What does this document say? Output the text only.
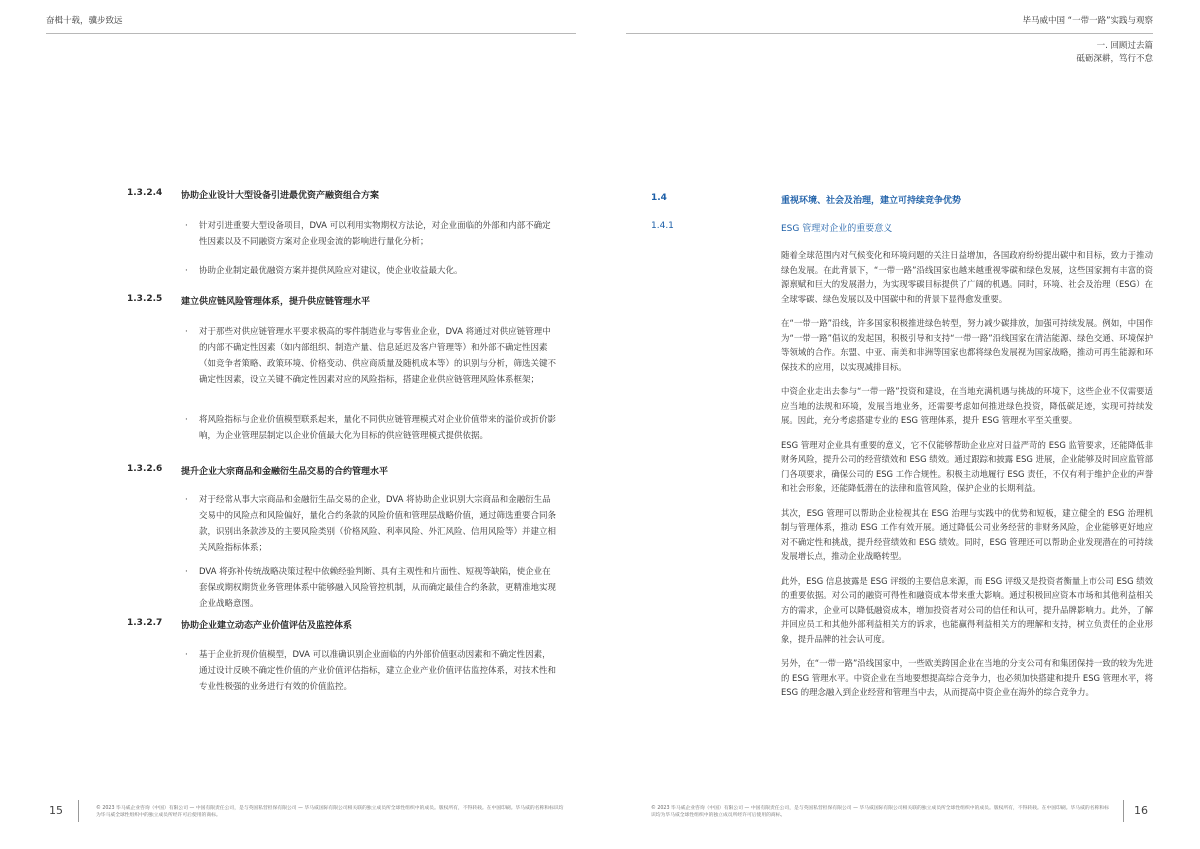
奋楫十载，骥步致远	毕马威中国 “一带一路”实践与观察
一. 回顾过去篇
砥砺深耕，笃行不怠
1.3.2.4 协助企业设计大型设备引进最优资产融资组合方案
· 针对引进重要大型设备项目，DVA 可以利用实物期权方法论，对企业面临的外部和内部不确定性因素以及不同融资方案对企业现金流的影响进行量化分析；
· 协助企业制定最优融资方案并提供风险应对建议，使企业收益最大化。
1.3.2.5 建立供应链风险管理体系，提升供应链管理水平
· 对于那些对供应链管理水平要求极高的零件制造业与零售业企业，DVA 将通过对供应链管理中的内部不确定性因素（如内部组织、制造产量、信息延迟及客户管理等）和外部不确定性因素（如竞争者策略、政策环境、价格变动、供应商质量及随机成本等）的识别与分析，筛选关键不确定性因素，设立关键不确定性因素对应的风险指标，搭建企业供应链管理风险体系框架；
· 将风险指标与企业价值模型联系起来，量化不同供应链管理模式对企业价值带来的溢价或折价影响，为企业管理层制定以企业价值最大化为目标的供应链管理模式提供依据。
1.3.2.6 提升企业大宗商品和金融衍生品交易的合约管理水平
· 对于经常从事大宗商品和金融衍生品交易的企业，DVA 将协助企业识别大宗商品和金融衍生品交易中的风险点和风险偏好，量化合约条款的风险价值和管理层战略价值，通过筛选重要合同条款，识别出条款涉及的主要风险类别（价格风险、利率风险、外汇风险、信用风险等）并建立相关风险指标体系；
· DVA 将弥补传统战略决策过程中依赖经验判断、具有主观性和片面性、短视等缺陷，使企业在套保或期权期货业务管理体系中能够融入风险管控机制，从而确定最佳合约条款，更精准地实现企业战略意图。
1.3.2.7 协助企业建立动态产业价值评估及监控体系
· 基于企业折现价值模型，DVA 可以准确识别企业面临的内外部价值驱动因素和不确定性因素，通过设计反映不确定性价值的产业价值评估指标，建立企业产业价值评估监控体系，对技术性和专业性极强的业务进行有效的价值监控。
1.4	重视环境、社会及治理，建立可持续竞争优势
1.4.1	ESG 管理对企业的重要意义

随着全球范围内对气候变化和环境问题的关注日益增加，各国政府纷纷提出碳中和目标，致力于推动绿色发展。在此背景下，“一带一路”沿线国家也越来越重视零碳和绿色发展，这些国家拥有丰富的资源禀赋和巨大的发展潜力，为实现零碳目标提供了广阔的机遇。同时，环境、社会及治理（ESG）在全球零碳、绿色发展以及中国碳中和的背景下显得愈发重要。

在“一带一路”沿线，许多国家积极推进绿色转型，努力减少碳排放，加强可持续发展。例如，中国作为“一带一路”倡议的发起国，积极引导和支持“一带一路”沿线国家在清洁能源、绿色交通、环境保护等领域的合作。东盟、中亚、南美和非洲等国家也都将绿色发展视为国家战略，推动可再生能源和环保技术的应用，以实现减排目标。

中资企业走出去参与“一带一路”投资和建设，在当地充满机遇与挑战的环境下，这些企业不仅需要适应当地的法规和环境，发展当地业务，还需要考虑如何推进绿色投资，降低碳足迹，实现可持续发展。因此，充分考虑搭建专业的 ESG 管理体系，提升 ESG 管理水平至关重要。

ESG 管理对企业具有重要的意义，它不仅能够帮助企业应对日益严苛的 ESG 监管要求，还能降低非财务风险，提升公司的经营绩效和 ESG 绩效。通过跟踪和披露 ESG 进展，企业能够及时回应监管部门各项要求，确保公司的 ESG 工作合规性。积极主动地履行 ESG 责任，不仅有利于维护企业的声誉和社会形象，还能降低潜在的法律和监管风险，保护企业的长期利益。

其次，ESG 管理可以帮助企业检视其在 ESG 治理与实践中的优势和短板，建立健全的 ESG 治理机制与管理体系，推动 ESG 工作有效开展。通过降低公司业务经营的非财务风险，企业能够更好地应对不确定性和挑战，提升经营绩效和 ESG 绩效。同时，ESG 管理还可以帮助企业发现潜在的可持续发展增长点，推动企业战略转型。

此外，ESG 信息披露是 ESG 评级的主要信息来源，而 ESG 评级又是投资者衡量上市公司 ESG 绩效的重要依据。对公司的融资可得性和融资成本带来重大影响。通过积极回应资本市场和其他利益相关方的需求，企业可以降低融资成本，增加投资者对公司的信任和认可，提升品牌影响力。此外，了解并回应员工和其他外部利益相关方的诉求，也能赢得利益相关方的理解和支持，树立负责任的企业形象，提升品牌的社会认可度。

另外，在“一带一路”沿线国家中，一些欧美跨国企业在当地的分支公司有和集团保持一致的较为先进的 ESG 管理水平。中资企业在当地要想提高综合竞争力，也必须加快搭建和提升 ESG 管理水平，将 ESG 的理念融入到企业经营和管理当中去，从而提高中资企业在海外的综合竞争力。

15	© 2023 毕马威企业咨询（中国）有限公司 — 中国有限责任公司，是与英国私营担保有限公司 — 毕马威国际有限公司相关联的独立成员所全球性组织中的成员。版权所有，不得转载。在中国印刷。毕马威的名称和标识均为毕马威全球性组织中的独立成员所经许可后使用的商标。
© 2023 毕马威企业咨询（中国）有限公司 — 中国有限责任公司，是与英国私营担保有限公司 — 毕马威国际有限公司相关联的独立成员所全球性组织中的成员。版权所有，不得转载。在中国印刷。毕马威的名称和标识均为毕马威全球性组织中的独立成员所经许可后使用的商标。	16
